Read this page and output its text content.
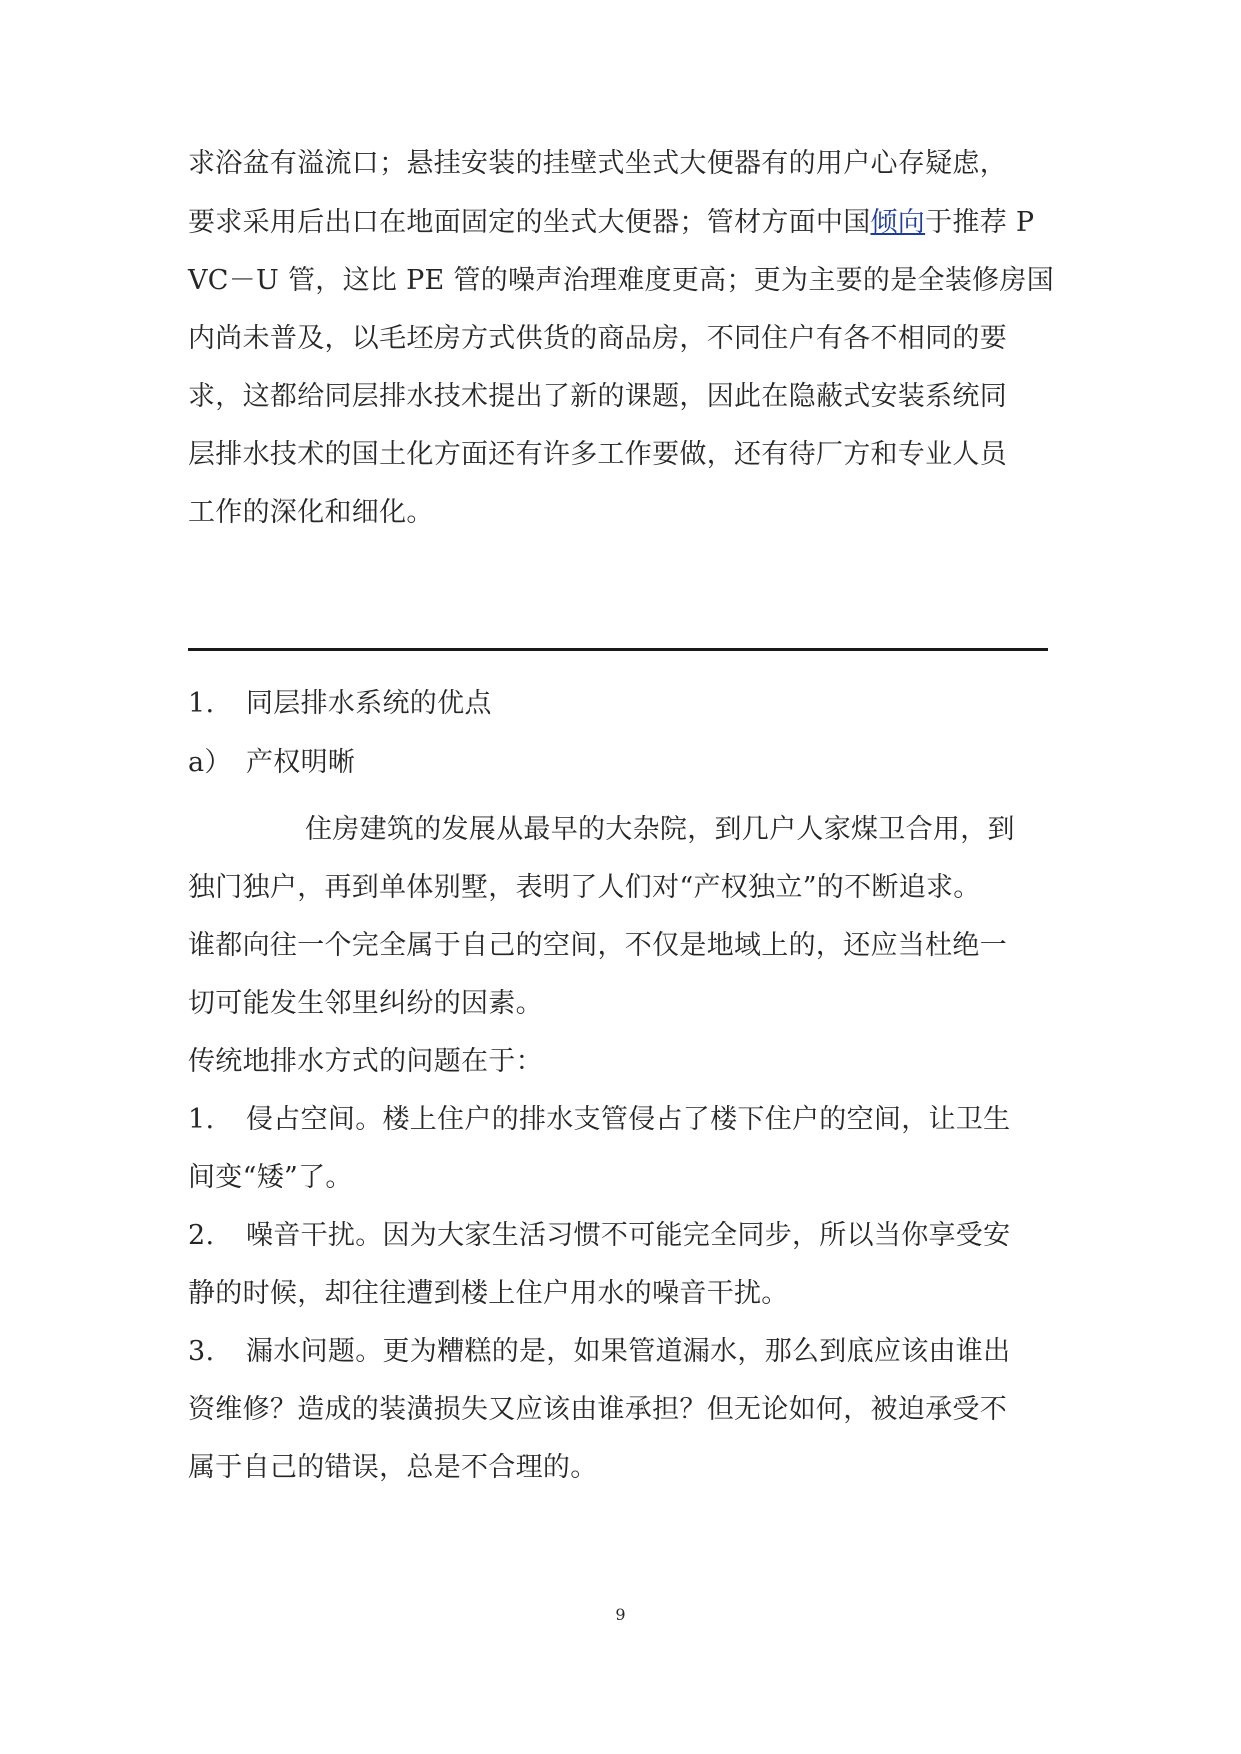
求浴盆有溢流口；悬挂安装的挂壁式坐式大便器有的用户心存疑虑，
要求采用后出口在地面固定的坐式大便器；管材方面中国倾向于推荐 P
VC－U 管，这比 PE 管的噪声治理难度更高；更为主要的是全装修房国
内尚未普及，以毛坯房方式供货的商品房，不同住户有各不相同的要
求，这都给同层排水技术提出了新的课题，因此在隐蔽式安装系统同
层排水技术的国土化方面还有许多工作要做，还有待厂方和专业人员
工作的深化和细化。
1. 同层排水系统的优点
a） 产权明晰
住房建筑的发展从最早的大杂院，到几户人家煤卫合用，到
独门独户，再到单体别墅，表明了人们对“产权独立”的不断追求。
谁都向往一个完全属于自己的空间，不仅是地域上的，还应当杜绝一
切可能发生邻里纠纷的因素。
传统地排水方式的问题在于：
1. 侵占空间。楼上住户的排水支管侵占了楼下住户的空间，让卫生
间变“矮”了。
2. 噪音干扰。因为大家生活习惯不可能完全同步，所以当你享受安
静的时候，却往往遭到楼上住户用水的噪音干扰。
3. 漏水问题。更为糟糕的是，如果管道漏水，那么到底应该由谁出
资维修？造成的装潢损失又应该由谁承担？但无论如何，被迫承受不
属于自己的错误，总是不合理的。
9
